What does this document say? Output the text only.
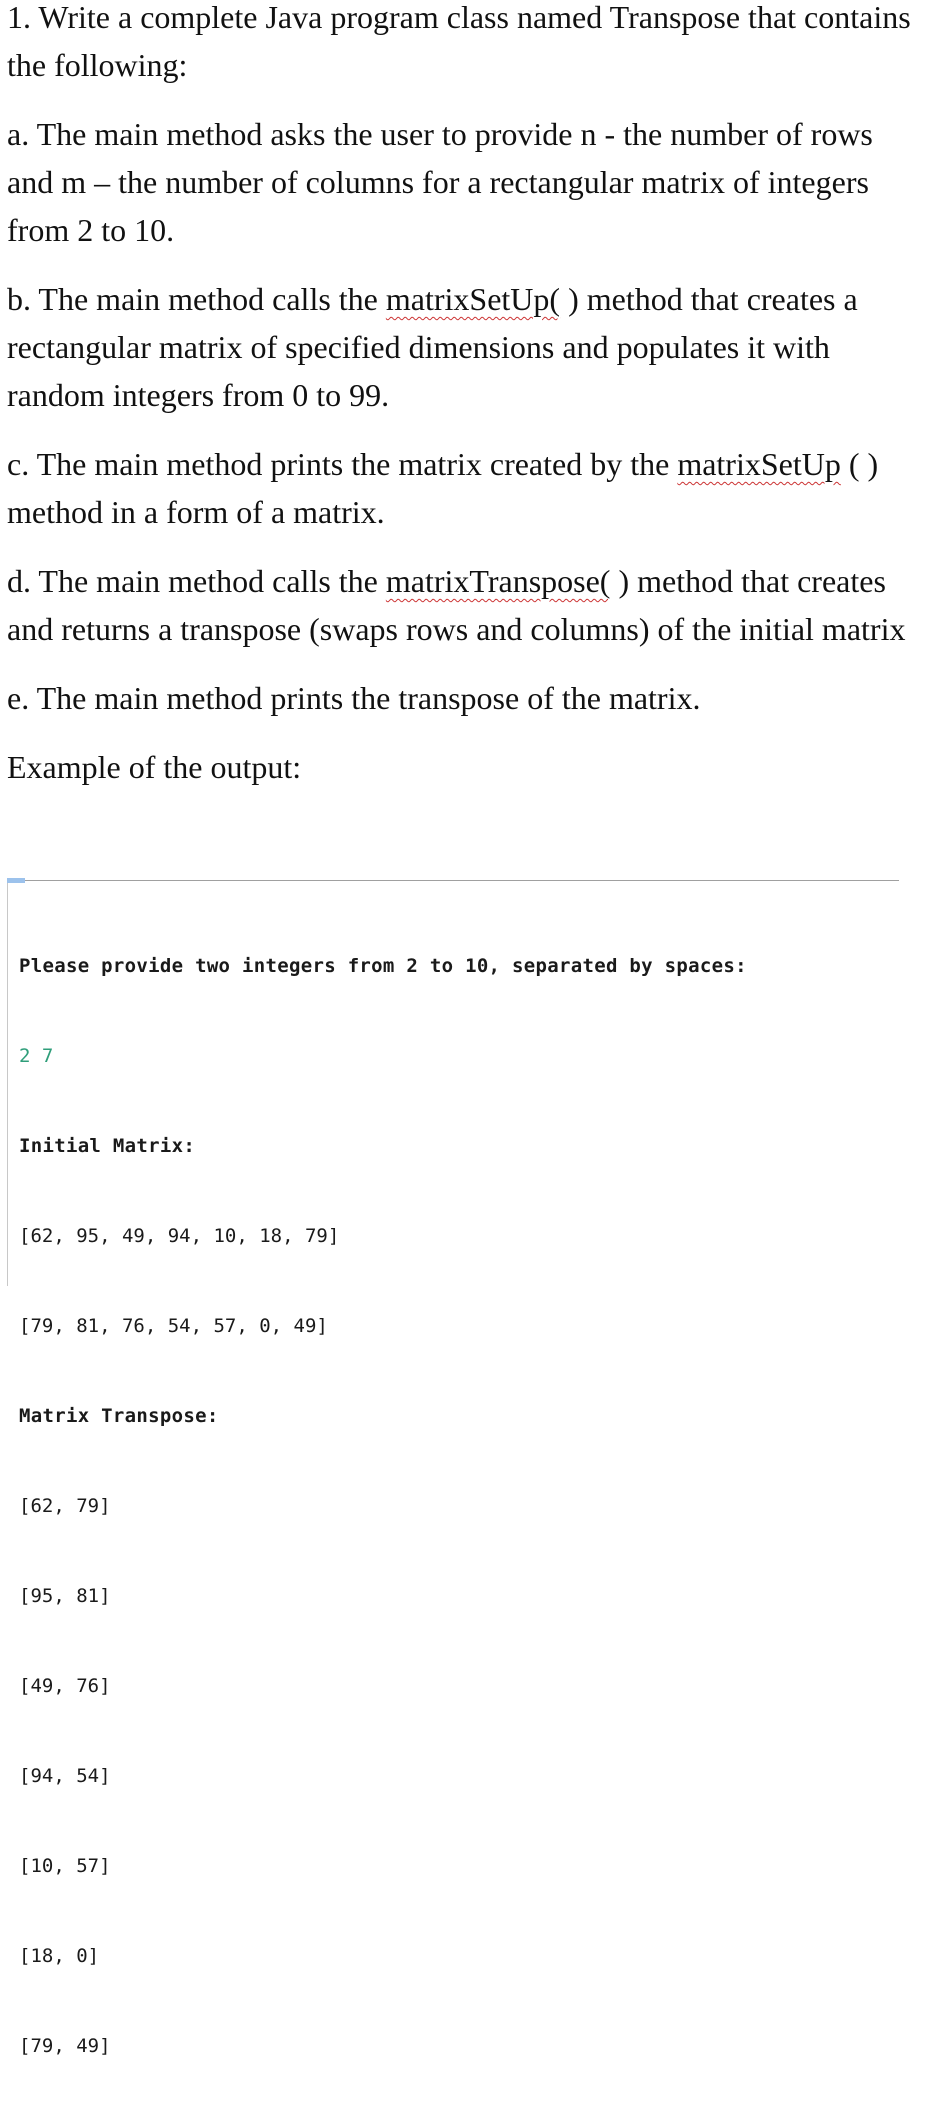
1. Write a complete Java program class named Transpose that contains the following:

a. The main method asks the user to provide n - the number of rows and m – the number of columns for a rectangular matrix of integers from 2 to 10.

b. The main method calls the matrixSetUp( ) method that creates a rectangular matrix of specified dimensions and populates it with random integers from 0 to 99.

c. The main method prints the matrix created by the matrixSetUp ( ) method in a form of a matrix.

d. The main method calls the matrixTranspose( ) method that creates and returns a transpose (swaps rows and columns) of the initial matrix

e. The main method prints the transpose of the matrix.

Example of the output:

Please provide two integers from 2 to 10, separated by spaces:

2 7

Initial Matrix:

[62, 95, 49, 94, 10, 18, 79]

[79, 81, 76, 54, 57, 0, 49]

Matrix Transpose:

[62, 79]

[95, 81]

[49, 76]

[94, 54]

[10, 57]

[18, 0]

[79, 49]
